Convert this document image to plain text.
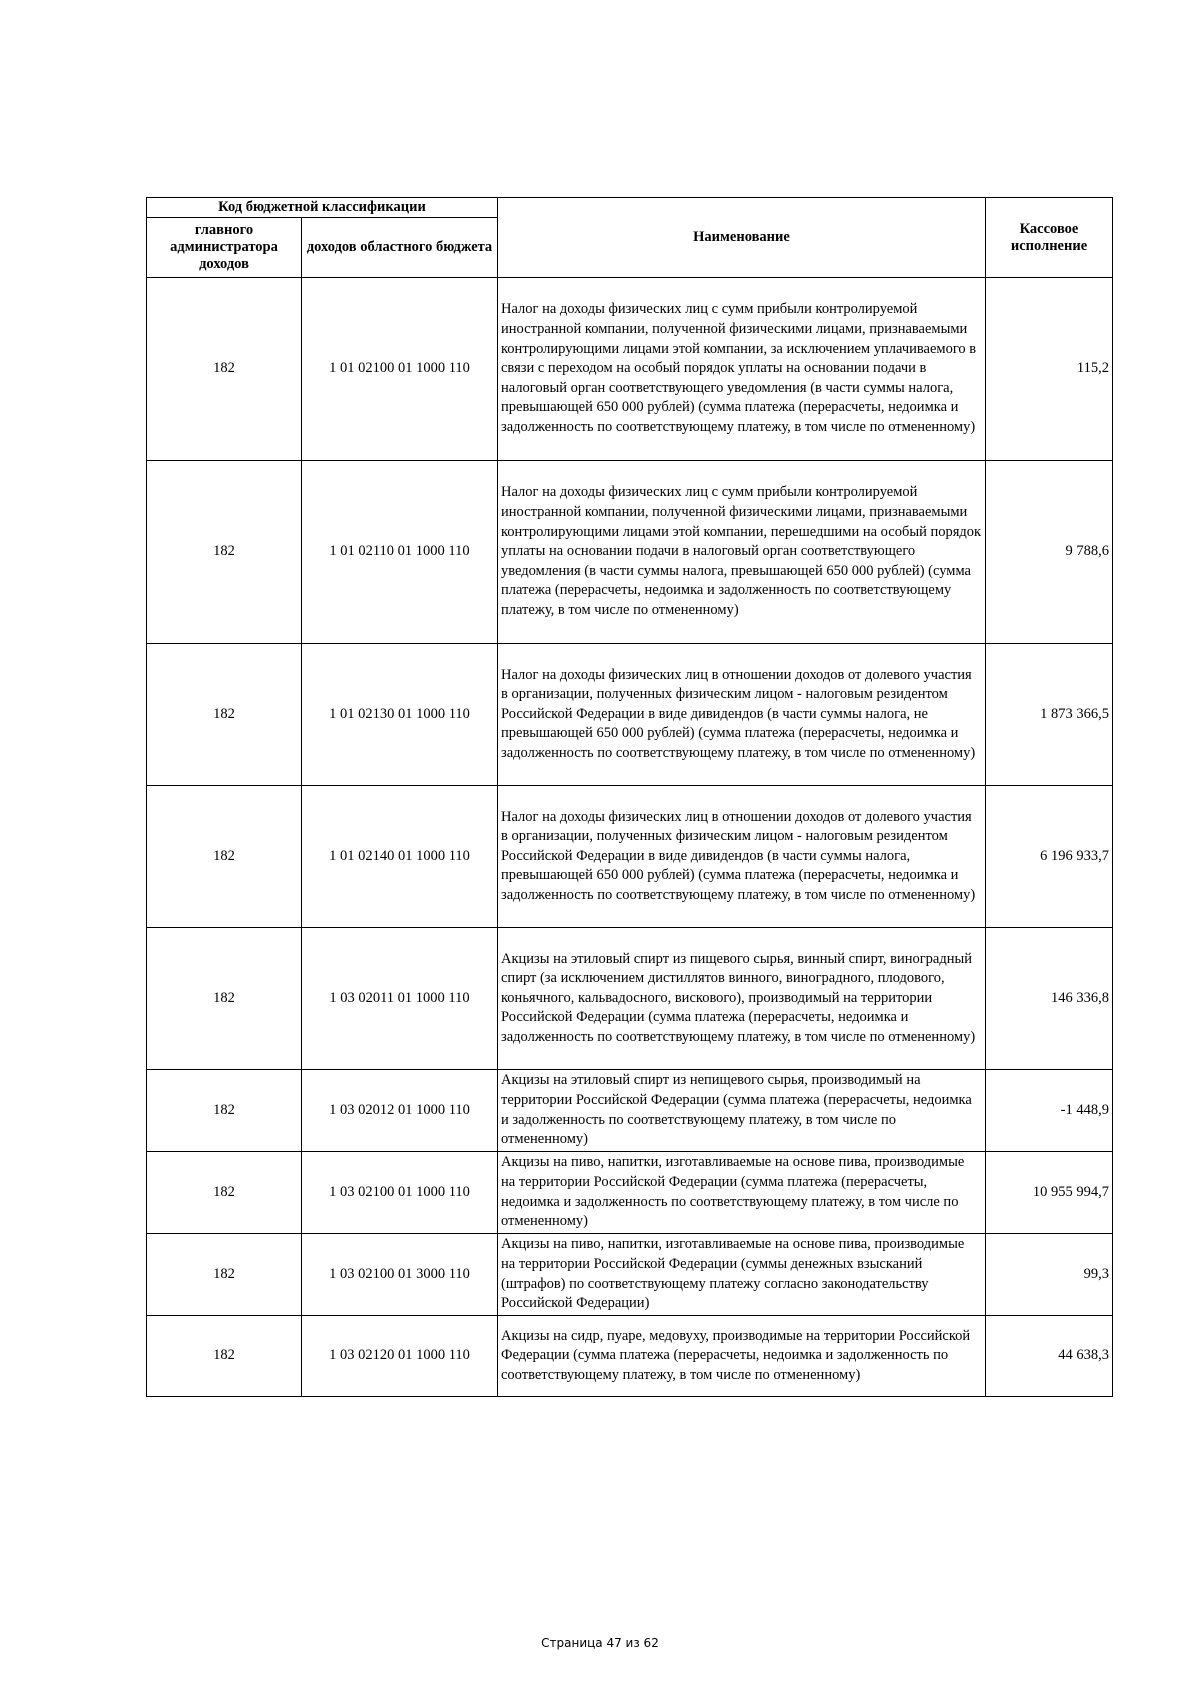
Код бюджетной классификации		Наименование	Кассовое исполнение
главного администратора доходов	доходов областного бюджета		
182	1 01 02100 01 1000 110	Налог на доходы физических лиц с сумм прибыли контролируемой иностранной компании, полученной физическими лицами, признаваемыми контролирующими лицами этой компании, за исключением уплачиваемого в связи с переходом на особый порядок уплаты на основании подачи в налоговый орган соответствующего уведомления (в части суммы налога, превышающей 650 000 рублей) (сумма платежа (перерасчеты, недоимка и задолженность по соответствующему платежу, в том числе по отмененному)	115,2
182	1 01 02110 01 1000 110	Налог на доходы физических лиц с сумм прибыли контролируемой иностранной компании, полученной физическими лицами, признаваемыми контролирующими лицами этой компании, перешедшими на особый порядок уплаты на основании подачи в налоговый орган соответствующего уведомления (в части суммы налога, превышающей 650 000 рублей) (сумма платежа (перерасчеты, недоимка и задолженность по соответствующему платежу, в том числе по отмененному)	9 788,6
182	1 01 02130 01 1000 110	Налог на доходы физических лиц в отношении доходов от долевого участия в организации, полученных физическим лицом - налоговым резидентом Российской Федерации в виде дивидендов (в части суммы налога, не превышающей 650 000 рублей) (сумма платежа (перерасчеты, недоимка и задолженность по соответствующему платежу, в том числе по отмененному)	1 873 366,5
182	1 01 02140 01 1000 110	Налог на доходы физических лиц в отношении доходов от долевого участия в организации, полученных физическим лицом - налоговым резидентом Российской Федерации в виде дивидендов (в части суммы налога, превышающей 650 000 рублей) (сумма платежа (перерасчеты, недоимка и задолженность по соответствующему платежу, в том числе по отмененному)	6 196 933,7
182	1 03 02011 01 1000 110	Акцизы на этиловый спирт из пищевого сырья, винный спирт, виноградный спирт (за исключением дистиллятов винного, виноградного, плодового, коньячного, кальвадосного, вискового), производимый на территории Российской Федерации (сумма платежа (перерасчеты, недоимка и задолженность по соответствующему платежу, в том числе по отмененному)	146 336,8
182	1 03 02012 01 1000 110	Акцизы на этиловый спирт из непищевого сырья, производимый на территории Российской Федерации (сумма платежа (перерасчеты, недоимка и задолженность по соответствующему платежу, в том числе по отмененному)	-1 448,9
182	1 03 02100 01 1000 110	Акцизы на пиво, напитки, изготавливаемые на основе пива, производимые на территории Российской Федерации (сумма платежа (перерасчеты, недоимка и задолженность по соответствующему платежу, в том числе по отмененному)	10 955 994,7
182	1 03 02100 01 3000 110	Акцизы на пиво, напитки, изготавливаемые на основе пива, производимые на территории Российской Федерации (суммы денежных взысканий (штрафов) по соответствующему платежу согласно законодательству Российской Федерации)	99,3
182	1 03 02120 01 1000 110	Акцизы на сидр, пуаре, медовуху, производимые на территории Российской Федерации (сумма платежа (перерасчеты, недоимка и задолженность по соответствующему платежу, в том числе по отмененному)	44 638,3
Страница 47 из 62
